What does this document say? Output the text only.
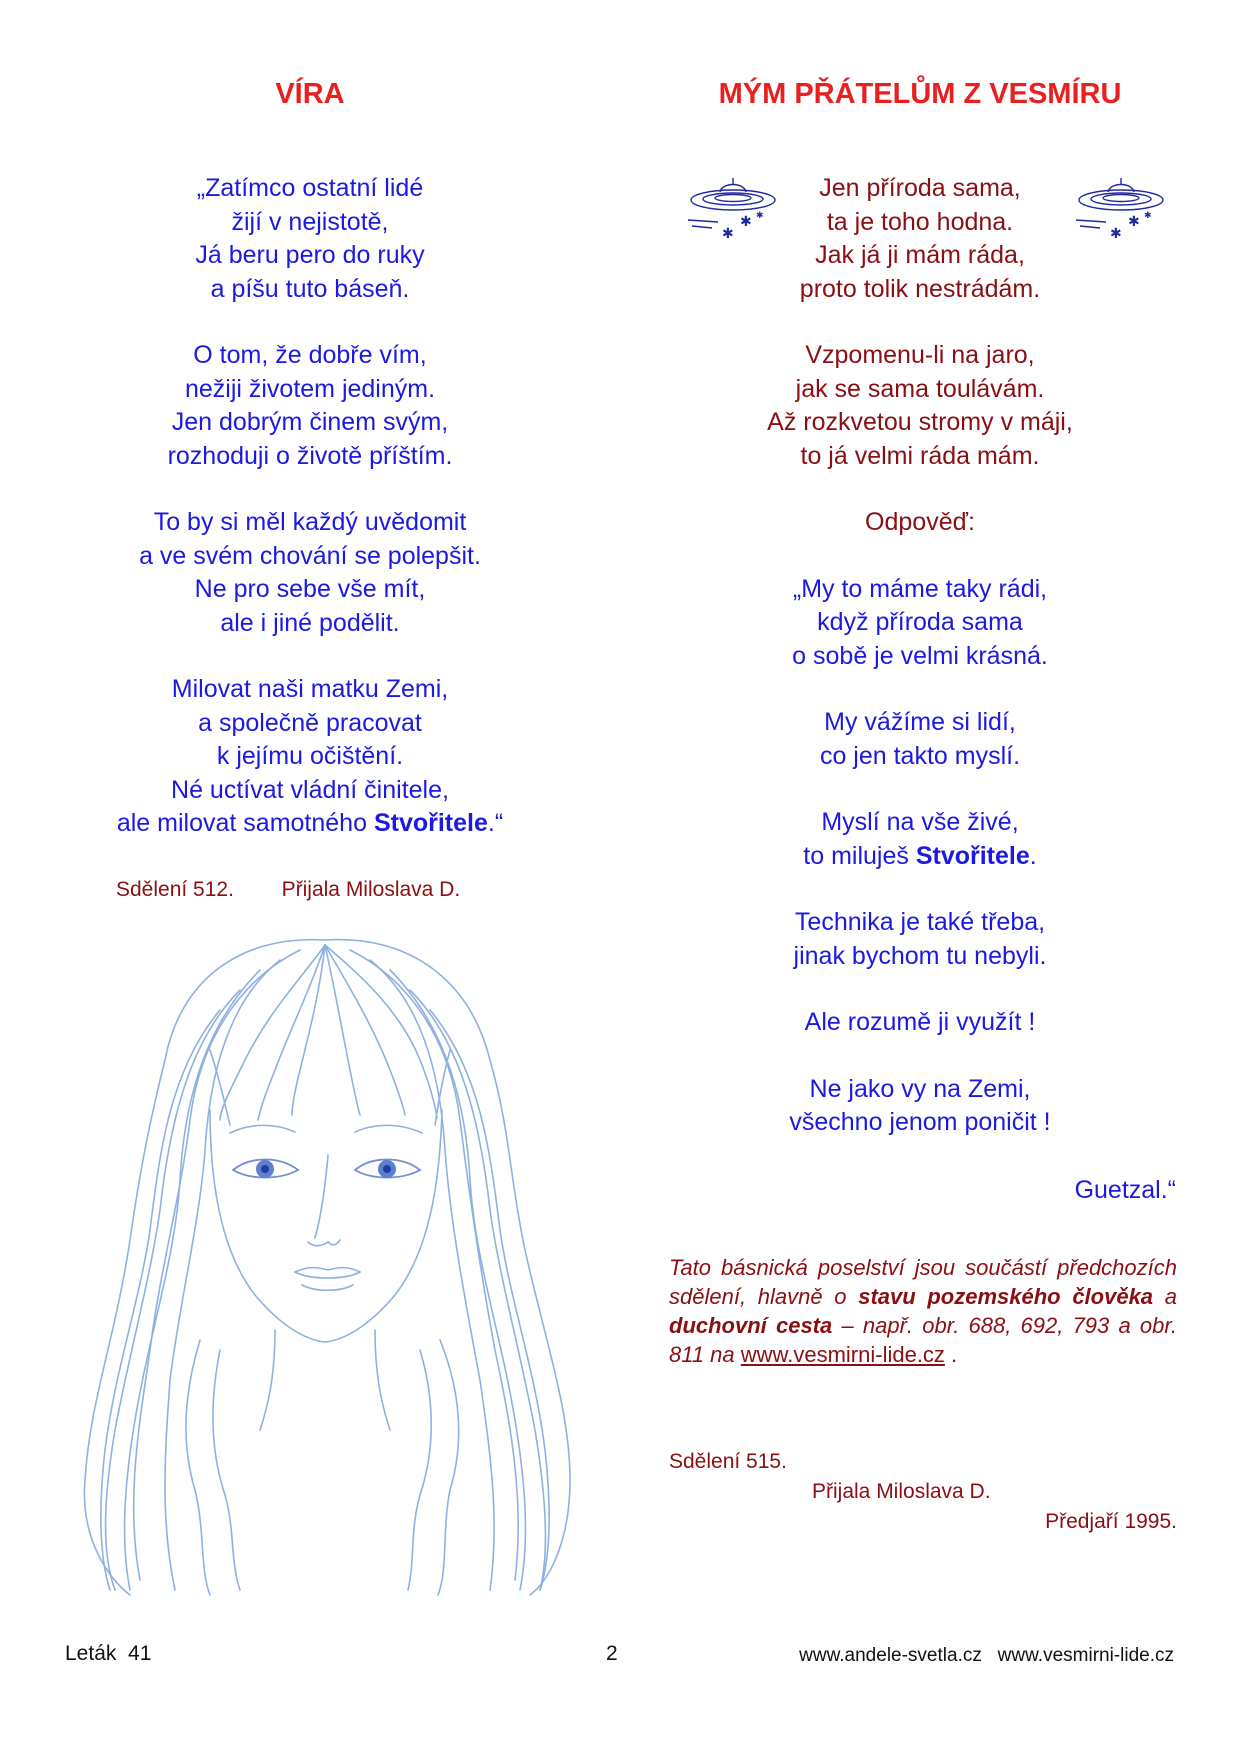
VÍRA
„Zatímco ostatní lidé
žijí v nejistotě,
Já beru pero do ruky
a píšu tuto báseň.
O tom, že dobře vím,
nežiji životem jediným.
Jen dobrým činem svým,
rozhoduji o životě příštím.
To by si měl každý uvědomit
a ve svém chování se polepšit.
Ne pro sebe vše mít,
ale i jiné podělit.
Milovat naši matku Zemi,
a společně pracovat
k jejímu očištění.
Né uctívat vládní činitele,
ale milovat samotného Stvořitele.“
Sdělení 512. Přijala Miloslava D.
MÝM PŘÁTELŮM Z VESMÍRU
✱
✱
✱	✱
✱
✱
Jen příroda sama,
ta je toho hodna.
Jak já ji mám ráda,
proto tolik nestrádám.
Vzpomenu-li na jaro,
jak se sama toulávám.
Až rozkvetou stromy v máji,
to já velmi ráda mám.
Odpověď:
„My to máme taky rádi,
když příroda sama
o sobě je velmi krásná.
My vážíme si lidí,
co jen takto myslí.
Myslí na vše živé,
to miluješ Stvořitele.
Technika je také třeba,
jinak bychom tu nebyli.
Ale rozumě ji využít !
Ne jako vy na Zemi,
všechno jenom poničit !
Guetzal.“
Tato básnická poselství jsou součástí předchozích sdělení, hlavně o stavu pozemského člověka a duchovní cesta – např. obr. 688, 692, 793 a obr. 811 na www.vesmirni-lide.cz .
Sdělení 515.
Přijala Miloslava D.
Předjaří 1995.
Leták  41	2	www.andele-svetla.cz   www.vesmirni-lide.cz
